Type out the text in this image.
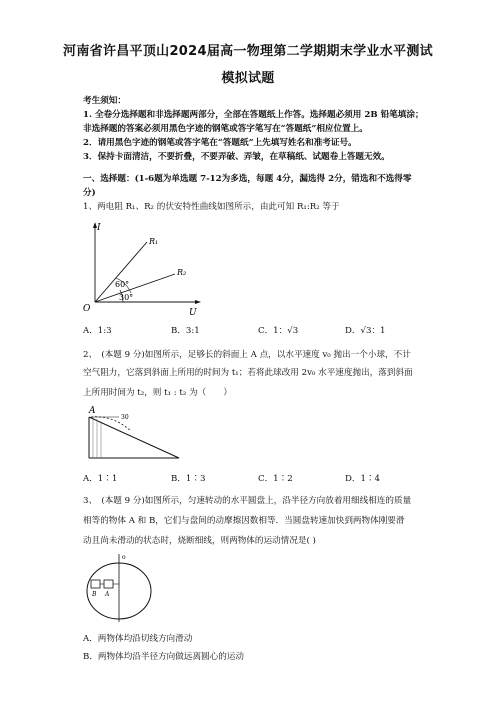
河南省许昌平顶山2024届高一物理第二学期期末学业水平测试
模拟试题
考生须知：
1. 全卷分选择题和非选择题两部分，全部在答题纸上作答。选择题必须用 2B 铅笔填涂；
非选择题的答案必须用黑色字迹的钢笔或答字笔写在“答题纸”相应位置上。
2．请用黑色字迹的钢笔或答字笔在“答题纸”上先填写姓名和准考证号。
3．保持卡面清洁，不要折叠，不要弄破、弄皱，在草稿纸、试题卷上答题无效。
一、选择题：(1-6题为单选题 7-12为多选，每题 4分，漏选得 2分，错选和不选得零
分)
1、两电阻 R₁、R₂ 的伏安特性曲线如图所示，由此可知 R₁:R₂ 等于
I
O	U
R₁
R₂
60°
30°
A．1:3	B．3:1	C．1：√3	D．√3：1
2、　(本题 9 分)如图所示，足够长的斜面上 A 点，以水平速度 v₀ 抛出一个小球，不计
空气阻力，它落到斜面上所用的时间为 t₁；若将此球改用 2v₀ 水平速度抛出，落到斜面
上所用时间为 t₂，则 t₁ : t₂ 为（　　）
A
30
A．1∶1	B．1∶3	C．1∶2	D．1∶4
3、　(本题 9 分)如图所示，匀速转动的水平圆盘上，沿半径方向放着用细线相连的质量
相等的物体 A 和 B，它们与盘间的动摩擦因数相等．当圆盘转速加快到两物体刚要滑
动且尚未滑动的状态时，烧断细线，则两物体的运动情况是( )
o
B A
A．两物体均沿切线方向滑动
B．两物体均沿半径方向做远离圆心的运动
